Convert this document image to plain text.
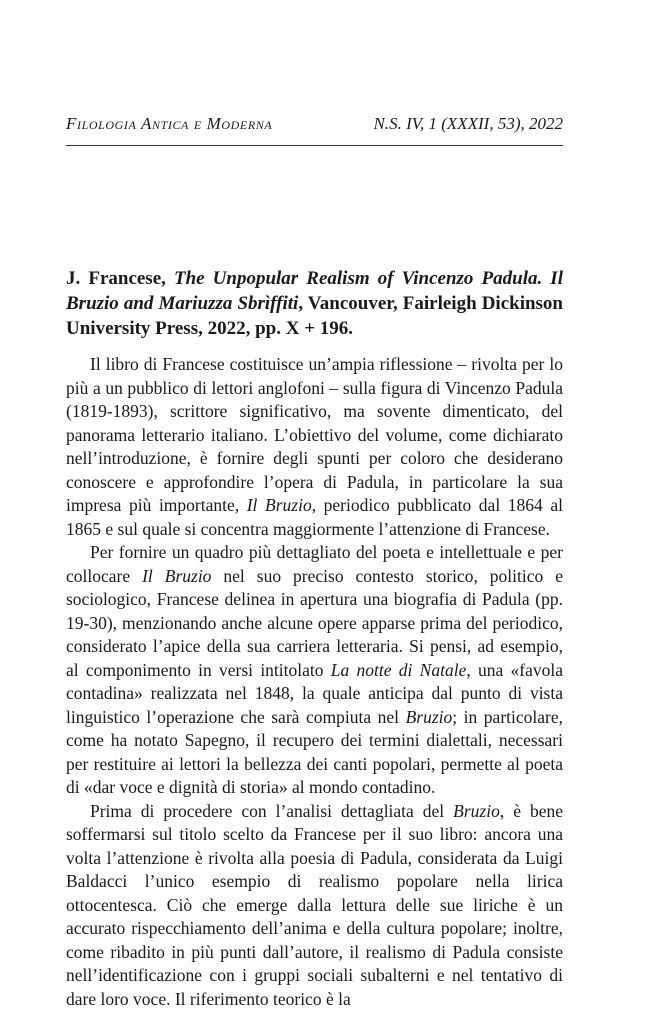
Filologia Antica e Moderna	N.S. IV, 1 (XXXII, 53), 2022
J. Francese, The Unpopular Realism of Vincenzo Padula. Il Bruzio and Mariuzza Sbrìffiti, Vancouver, Fairleigh Dickinson University Press, 2022, pp. X + 196.

Il libro di Francese costituisce un’ampia riflessione – rivolta per lo più a un pubblico di lettori anglofoni – sulla figura di Vincenzo Padula (1819-1893), scrittore significativo, ma sovente dimenticato, del panorama letterario italiano. L’obiettivo del volume, come dichiarato nell’introduzione, è fornire degli spunti per coloro che desiderano conoscere e approfondire l’opera di Padula, in particolare la sua impresa più importante, Il Bruzio, periodico pubblicato dal 1864 al 1865 e sul quale si concentra maggiormente l’attenzione di Francese.

Per fornire un quadro più dettagliato del poeta e intellettuale e per collocare Il Bruzio nel suo preciso contesto storico, politico e sociologico, Francese delinea in apertura una biografia di Padula (pp. 19-30), menzionando anche alcune opere apparse prima del periodico, considerato l’apice della sua carriera letteraria. Si pensi, ad esempio, al componimento in versi intitolato La notte di Natale, una «favola contadina» realizzata nel 1848, la quale anticipa dal punto di vista linguistico l’operazione che sarà compiuta nel Bruzio; in particolare, come ha notato Sapegno, il recupero dei termini dialettali, necessari per restituire ai lettori la bellezza dei canti popolari, permette al poeta di «dar voce e dignità di storia» al mondo contadino.

Prima di procedere con l’analisi dettagliata del Bruzio, è bene soffermarsi sul titolo scelto da Francese per il suo libro: ancora una volta l’attenzione è rivolta alla poesia di Padula, considerata da Luigi Baldacci l’unico esempio di realismo popolare nella lirica ottocentesca. Ciò che emerge dalla lettura delle sue liriche è un accurato rispecchiamento dell’anima e della cultura popolare; inoltre, come ribadito in più punti dall’autore, il realismo di Padula consiste nell’identificazione con i gruppi sociali subalterni e nel tentativo di dare loro voce. Il riferimento teorico è la
